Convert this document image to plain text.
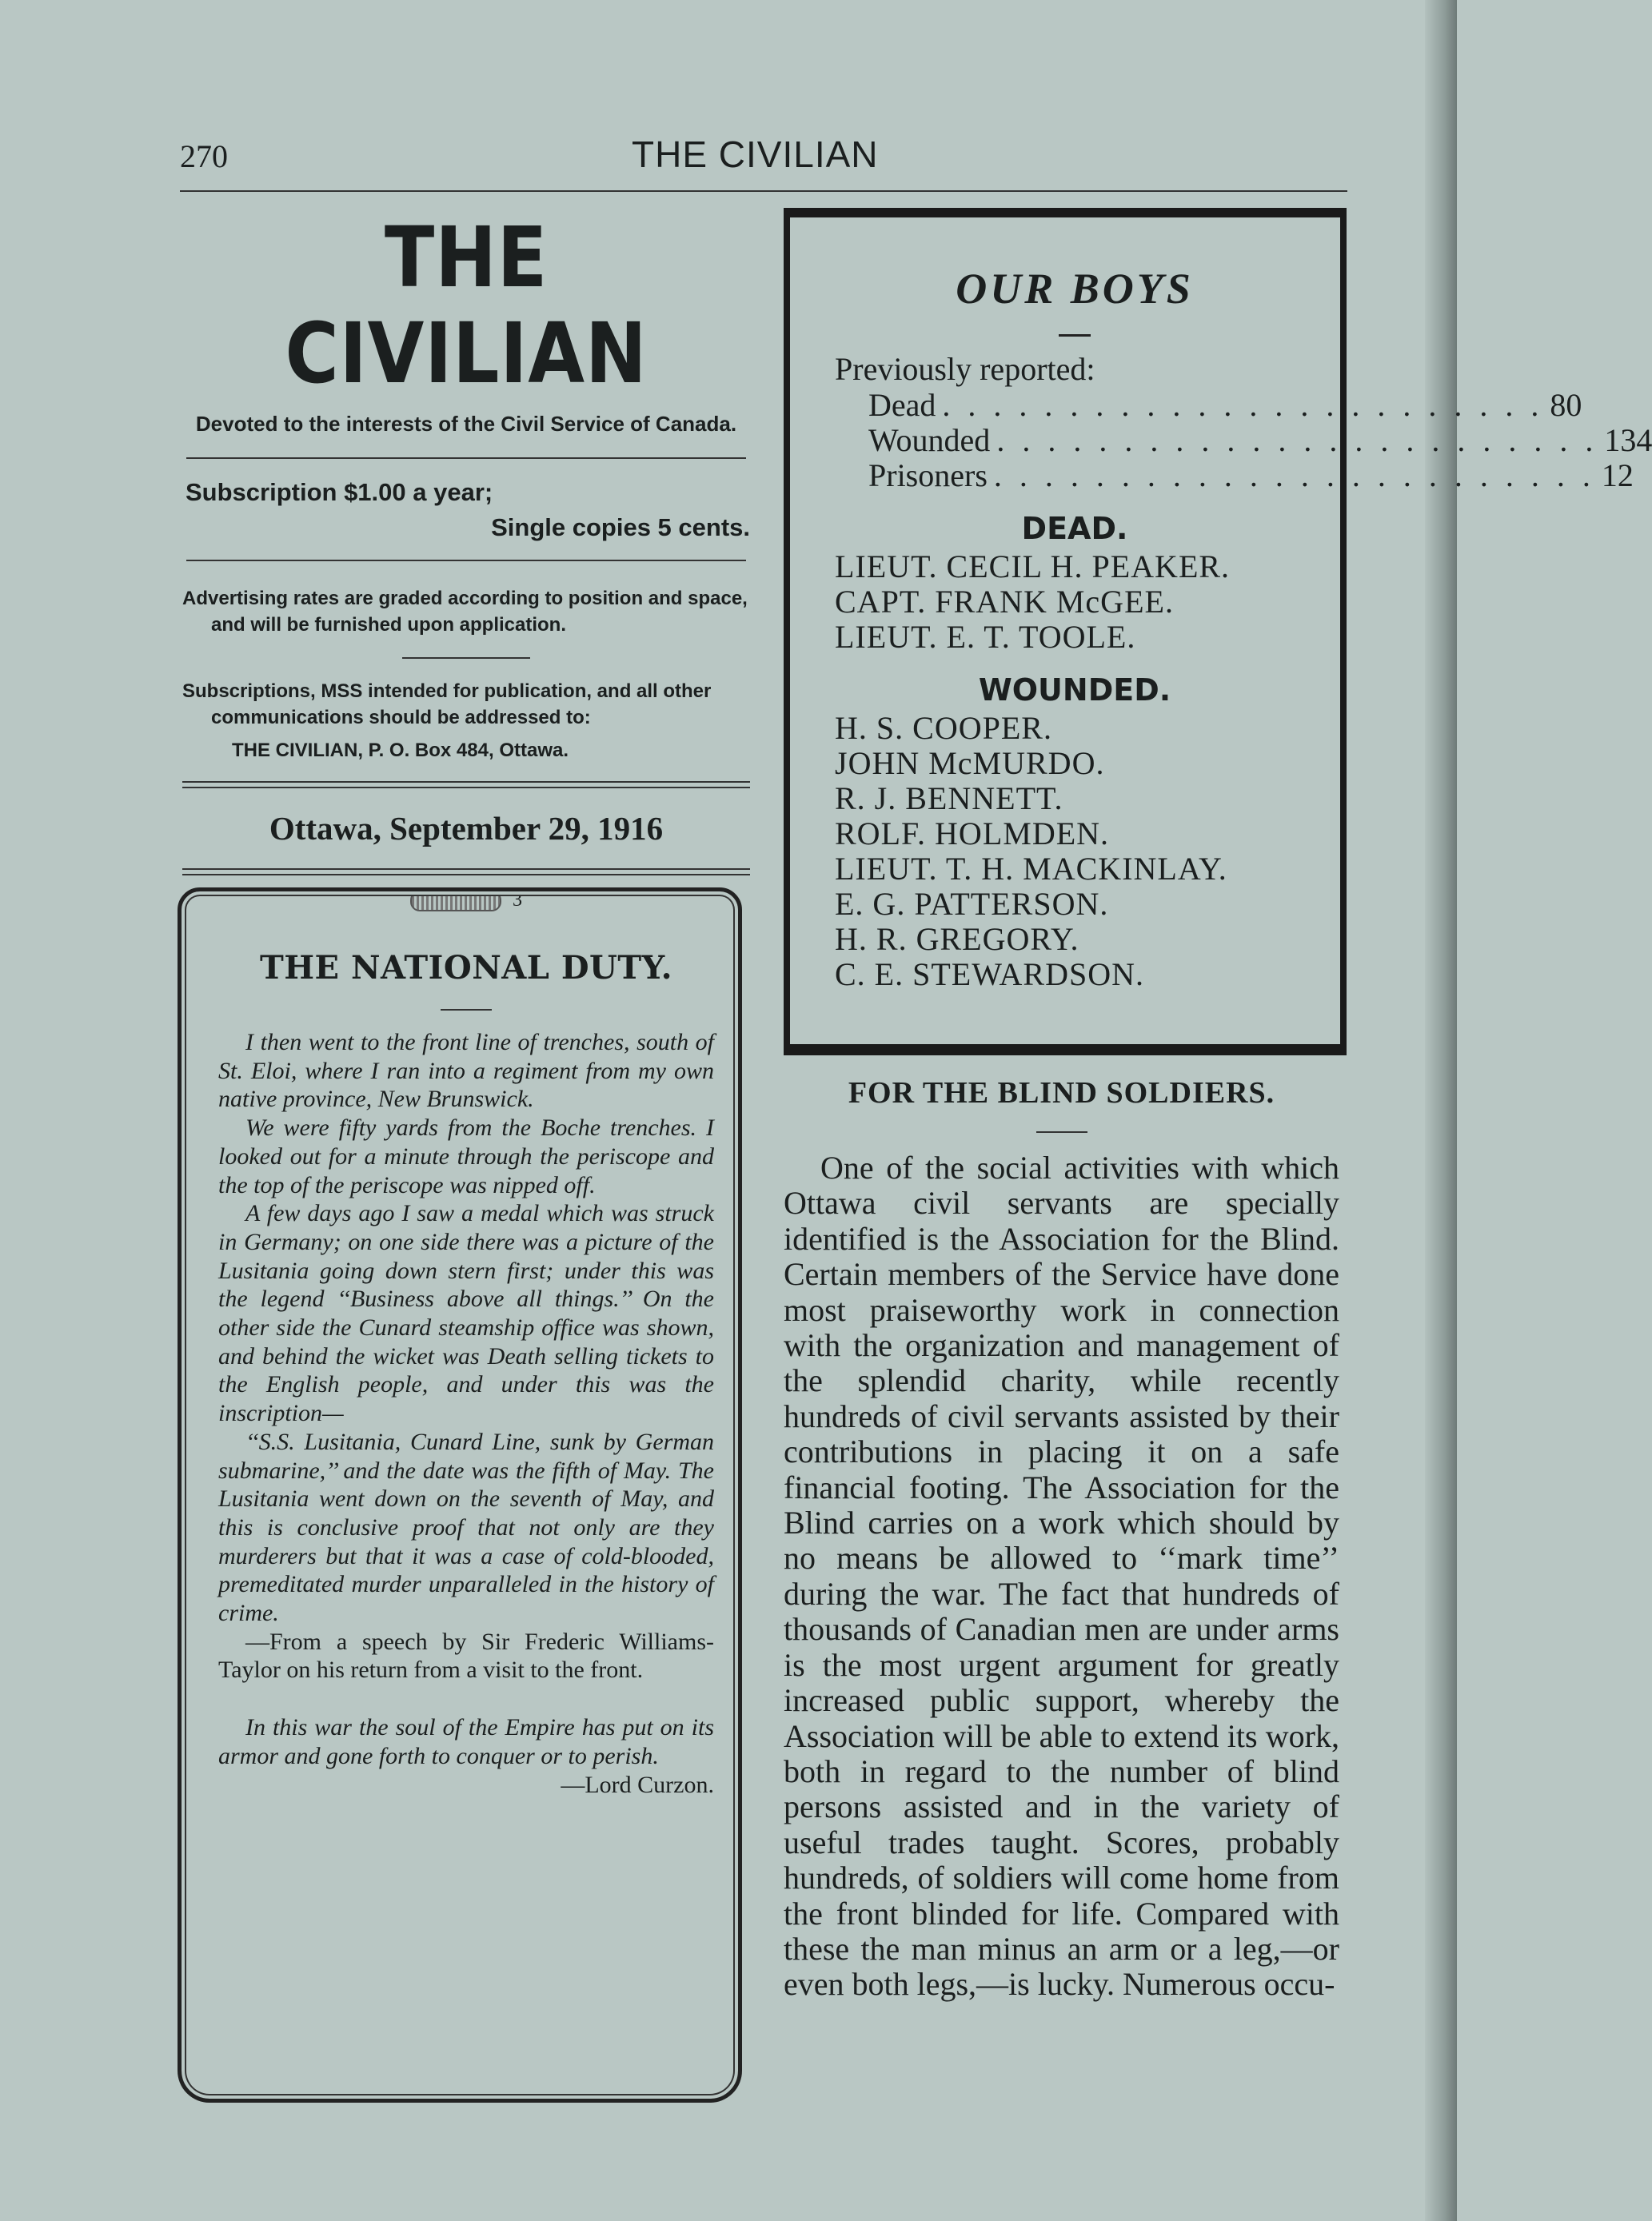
270	THE CIVILIAN
THE CIVILIAN
Devoted to the interests of the Civil Service of Canada.
Subscription $1.00 a year;
Single copies 5 cents.
Advertising rates are graded according to position and space, and will be furnished upon application.
Subscriptions, MSS intended for publication, and all other communications should be addressed to:
THE CIVILIAN, P. O. Box 484, Ottawa.
Ottawa, September 29, 1916
3
THE NATIONAL DUTY.

I then went to the front line of trenches, south of St. Eloi, where I ran into a regiment from my own native province, New Brunswick.

We were fifty yards from the Boche trenches. I looked out for a minute through the periscope and the top of the periscope was nipped off.

A few days ago I saw a medal which was struck in Germany; on one side there was a picture of the Lusitania going down stern first; under this was the legend ‘‘Business above all things.’’ On the other side the Cunard steamship office was shown, and behind the wicket was Death selling tickets to the English people, and under this was the inscription—

‘‘S.S. Lusitania, Cunard Line, sunk by German submarine,’’ and the date was the fifth of May. The Lusitania went down on the seventh of May, and this is conclusive proof that not only are they murderers but that it was a case of cold-blooded, premeditated murder unparalleled in the history of crime.

—From a speech by Sir Frederic Williams-Taylor on his return from a visit to the front.

In this war the soul of the Empire has put on its armor and gone forth to conquer or to perish.

—Lord Curzon.
OUR BOYS
Previously reported:
Dead . . . . . . . . . . . . . . . . . . . . . . . . 80
Wounded . . . . . . . . . . . . . . . . . . . . . . . . 134
Prisoners . . . . . . . . . . . . . . . . . . . . . . . . 12
DEAD.
LIEUT. CECIL H. PEAKER.
CAPT. FRANK McGEE.
LIEUT. E. T. TOOLE.
WOUNDED.
H. S. COOPER.
JOHN McMURDO.
R. J. BENNETT.
ROLF. HOLMDEN.
LIEUT. T. H. MACKINLAY.
E. G. PATTERSON.
H. R. GREGORY.
C. E. STEWARDSON.
FOR THE BLIND SOLDIERS.

One of the social activities with which Ottawa civil servants are specially identified is the Association for the Blind. Certain members of the Service have done most praiseworthy work in connection with the organization and management of the splendid charity, while recently hundreds of civil servants assisted by their contributions in placing it on a safe financial footing. The Association for the Blind carries on a work which should by no means be allowed to ‘‘mark time’’ during the war. The fact that hundreds of thousands of Canadian men are under arms is the most urgent argument for greatly increased public support, whereby the Association will be able to extend its work, both in regard to the number of blind persons assisted and in the variety of useful trades taught. Scores, probably hundreds, of soldiers will come home from the front blinded for life. Compared with these the man minus an arm or a leg,—or even both legs,—is lucky. Numerous occu-
